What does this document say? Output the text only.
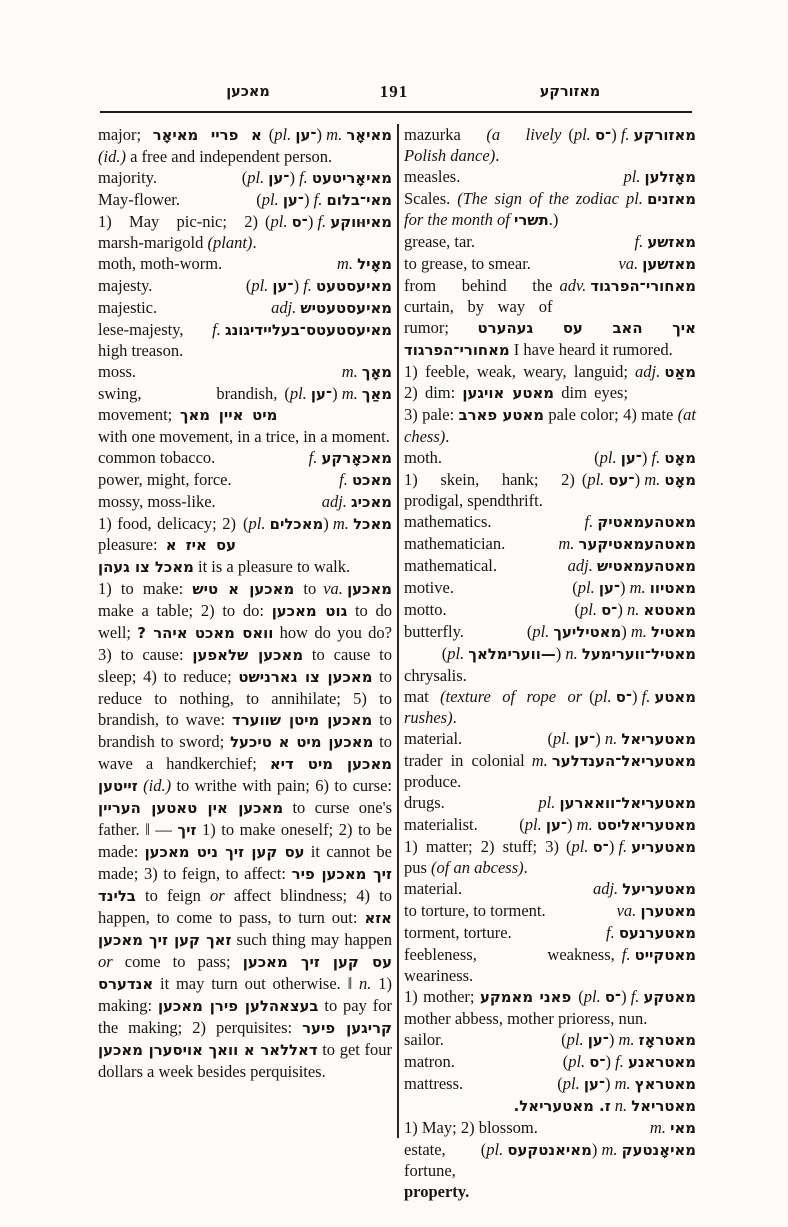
מאכען	191	מאזורקע

(pl. ־ען) m. מאיאָר
major; א פריי מאיאָר (id.) a free and independent person.

(pl. ־ען) f. מאיאָריטעט
majority.

(pl. ־ען) f. מאי־בלום
May-flower.

(pl. ־ס) f. מאיוּװקע
1) May pic-nic; 2) marsh-marigold (plant).

m. מאָיל
moth, moth-worm.

(pl. ־ען) f. מאיעסטעט
majesty.

adj. מאיעסטעטיש
majestic.

f. מאיעסטעטס־בעליידיגונג
lese-majesty, high treason.

m. מאָך
moss.

(pl. ־ען) m. מאַך
swing, brandish, movement; מיט איין מאך with one movement, in a trice, in a moment.

f. מאכאָרקע
common tobacco.

f. מאכט
power, might, force.

adj. מאכיג
mossy, moss-like.

(pl. מאכלים) m. מאכל
1) food, delicacy; 2) pleasure: עס איז א מאכל צו געהן it is a pleasure to walk.

va. מאכען
1) to make: מאכען א טיש to make a table; 2) to do: גוט מאכען to do well; וואס מאכט איהר ? how do you do? 3) to cause: מאכען שלאפען to cause to sleep; 4) to reduce; מאכען צו גארנישט to reduce to nothing, to annihilate; 5) to brandish, to wave: מאכען מיטן שווערד to brandish to sword; מאכען מיט א טיכעל to wave a handkerchief; מאכען מיט דיא זייטען (id.) to writhe with pain; 6) to curse: מאכען אין טאטען העריין to curse one's father. ‖ — זיך 1) to make oneself; 2) to be made: עס קען זיך ניט מאכען it cannot be made; 3) to feign, to affect: זיך מאכען פיר בלינד to feign or affect blindness; 4) to happen, to come to pass, to turn out: אזא זאך קען זיך מאכען such thing may happen or come to pass; עס קען זיך מאכען אנדערס it may turn out otherwise. ‖ n. 1) making: בעצאהלען פירן מאכען to pay for the making; 2) perquisites: קריגען פיער דאללאר א וואך אויסערן מאכען to get four dollars a week besides perquisites.

(pl. ־ס) f. מאזורקע
mazurka (a lively Polish dance).

pl. מאָזלען
measles.

pl. מאזנים
Scales. (The sign of the zodiac for the month of תשרי.)

f. מאזשע
grease, tar.

va. מאזשען
to grease, to smear.

adv. מאחורי־הפרגוד
from behind the curtain, by way of rumor; איך האב עס געהערט מאחורי־הפרגוד I have heard it rumored.

adj. מאַט
1) feeble, weak, weary, languid; 2) dim: מאטע אויגען dim eyes; 3) pale: מאטע פארב pale color; 4) mate (at chess).

(pl. ־ען) f. מאָט
moth.

(pl. ־עס) m. מאָט
1) skein, hank; 2) prodigal, spendthrift.

f. מאטהעמאטיק
mathematics.

m. מאטהעמאטיקער
mathematician.

adj. מאטהעמאטיש
mathematical.

(pl. ־ען) m. מאטיוו
motive.

(pl. ־ס) n. מאטטא
motto.

(pl. מאטיליעך) m. מאטיל
butterfly.

(pl. —ווערימלאך) n. מאטיל־ווערימעל
chrysalis.

(pl. ־ס) f. מאטע
mat (texture of rope or rushes).

(pl. ־ען) n. מאטעריאל
material.

m. מאטעריאל־הענדלער
trader in colonial produce.

pl. מאטעריאל־וואארען
drugs.

(pl. ־ען) m. מאטעריאליסט
materialist.

(pl. ־ס) f. מאטעריע
1) matter; 2) stuff; 3) pus (of an abcess).

adj. מאטעריעל
material.

va. מאטערן
to torture, to torment.

f. מאטערנעס
torment, torture.

f. מאטקייט
feebleness, weakness, weariness.

(pl. ־ס) f. מאטקע
1) mother; פאני מאמקע mother abbess, mother prioress, nun.

(pl. ־ען) m. מאטראָז
sailor.

(pl. ־ס) f. מאטראנע
matron.

(pl. ־ען) m. מאטראץ
mattress.

ז. מאטעריאל. n. מאטריאל

m. מאי
1) May; 2) blossom.

(pl. מאיאנטקעס) m. מאיאָנטעק
estate, fortune, property.
